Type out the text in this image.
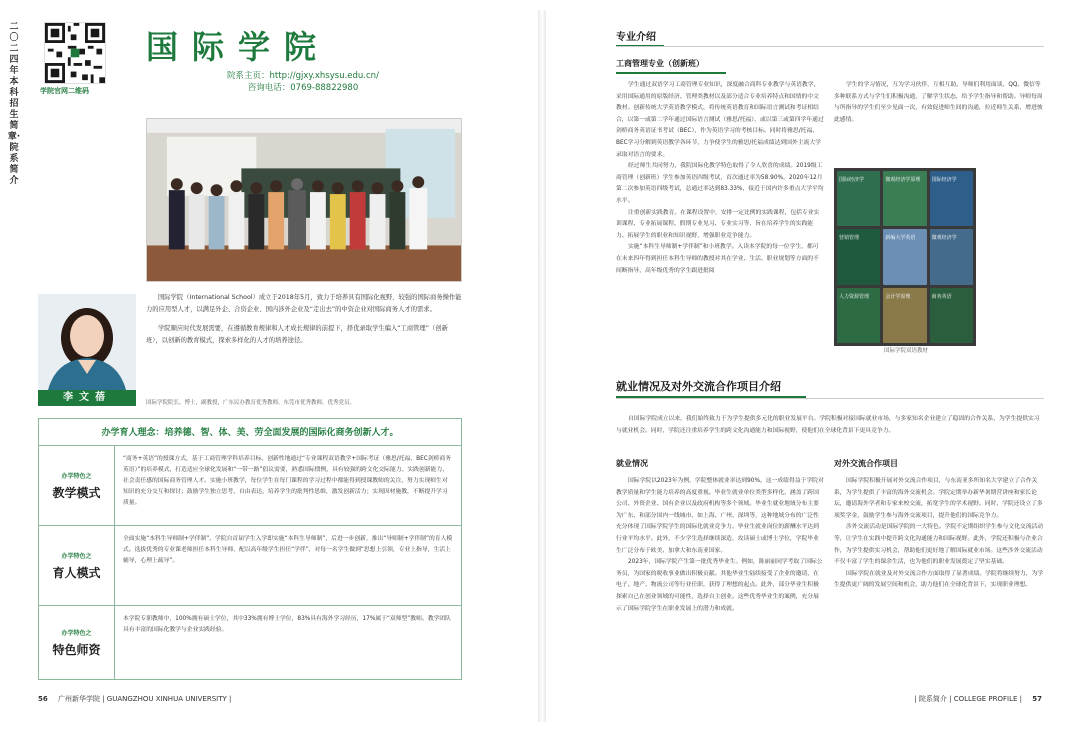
二〇二四年本科招生简章·院系简介
学院官网二维码
国际学院
院系主页：http://gjxy.xhsysu.edu.cn/
咨询电话：0769-88822980
李文蓓

国际学院（International School）成立于2018年5月，致力于培养具有国际化视野、较强的国际商务操作能力的应用型人才，以满足外企、合资企业、国内涉外企业及“走出去”的中资企业对国际商务人才的需求。

学院顺应时代发展需要，在遵循教育规律和人才成长规律的前提下，择优录取学生编入“工商管理”（创新班），以创新的教育模式，探索多样化的人才的培养途径。

国际学院院长，博士，副教授，广东民办教育优秀教师，东莞市优秀教师，优秀党员。
办学育人理念：培养德、智、体、美、劳全面发展的国际化商务创新人才。
办学特色之
教学模式
“商务+英语”的授课方式，基于工商管理学科培养目标，创新性地通过“专业课程双语教学+国际考证（雅思/托福、BEC剑桥商务英语）”的培养模式，打造适应全球化发展和“一带一路”倡议需要，熟悉国际惯例，具有较强的跨文化交际能力、实践创新能力、社会责任感的国际商务管理人才。实施小班教学，每位学生在每门课程的学习过程中都能得到授课教师的关注，努力实现师生对知识的充分交互和探讨；鼓励学生独立思考、自由表达，培养学生的批判性思维，激发创新活力；实现因材施教，不断提升学习质量。
办学特色之
育人模式
全面实施“本科生导师制+学伴制”，学院自首届学生入学即实施“本科生导师制”，后进一步创新，推出“导师制+学伴制”的育人模式。选拔优秀的专业课老师担任本科生导师，配以高年级学生担任“学伴”，对每一名学生做到“思想上引领，专业上指导，生活上辅导，心理上疏导”。
办学特色之
特色师资
本学院专职教师中，100%拥有硕士学位，其中33%拥有博士学位，83%具有海外学习经历，17%属于“双师型”教师。教学团队具有丰富的国际化教学与企业实践经验。
56 广州新华学院 | GUANGZHOU XINHUA UNIVERSITY |
专业介绍
工商管理专业（创新班）

学生通过双语学习工商管理专业知识，深度融合商科专业教学与英语教学，采用国际通用的原版经济、管理类教材以及部分适合专业培养特点和国情的中文教材。创新传统大学英语教学模式，将传统英语教育和国际语言测试和考证相结合，以第一或第二学年通过国际语言测试（雅思/托福），或以第三或第四学年通过剑桥商务英语证书考试（BEC），作为英语学习的考核目标。同时将雅思/托福、BEC学习分解到英语教学各环节，力争使学生的雅思/托福成绩达到国外主流大学录取对语言的要求。

经过师生共同努力，我院国际化教学特色取得了令人欣喜的成绩。2019级工商管理（创新班）学生参加英语四级考试，首次通过率为58.90%，2020年12月第二次参加英语四级考试，总通过率达到83.33%，接近于国内许多重点大学平均水平。

注重创新实践教育。在课程设置中，安排一定比例的实践课程，包括专业实训课程、专业拓展课程、假期专业见习、专业实习等，旨在培养学生的实践能力、拓展学生的职业和知识视野，增强职业竞争能力。

实施“本科生导师制+学伴制”和小班教学。入读本学院的每一位学生，都可在未来四年得到担任本科生导师的教授对其在学业、生活、职业规划等方面的不间断指导，高年级优秀的学生跟进批阅

学生的学习情况，互为学习伙伴，互相互助。导师们利用面谈、QQ、微信等多种联系方式与学生们积极沟通，了解学生状态，给予学生指导和帮助。导师每周与所指导的学生们至少见面一次，有效促进师生间的沟通，拉近师生关系，增进彼此感情。

国际经济学	微观经济学原理	国际经济学
营销管理	新编大学英语	微观经济学
人力资源管理	会计学原理	商务英语
国际学院双语教材
就业情况及对外交流合作项目介绍

自国际学院成立以来，我们始终致力于为学生提供多元化的职业发展平台。学院积极对接国际就业市场，与多家知名企业建立了稳固的合作关系，为学生提供实习与就业机会。同时，学院还注重培养学生的跨文化沟通能力和国际视野，使他们在全球化背景下更具竞争力。

就业情况

国际学院以2023年为例，学院整体就业率达到90%，这一成绩得益于学院对教学质量和学生能力培养的高度重视。毕业生就业单位类型多样化，涵盖了跨国公司、外资企业、国有企业以及政府机构等多个领域。毕业生就业地域分布主要为广东，和部分国内一线城市，如上海、广州、深圳等，这种地域分布的广泛性充分体现了国际学院学生的国际化就业竞争力。毕业生就业岗位的薪酬水平达到行业平均水平。此外，不少学生选择继续深造，攻读硕士或博士学位，学院毕业生广泛分布于欧美、加拿大和东南亚国家。

2023年，国际学院产生第一批优秀毕业生。例如，陈丽丽同学考取了国际公务员，为国家的税收事业做出积极贡献。其他毕业生陆续接受了企业的邀请，在电子、地产、物流公司等行业任职，获得了理想的起点。此外，部分毕业生积极探索自己在创业领域的可能性，选择自主创业。这些优秀毕业生的案例，充分展示了国际学院学生在职业发展上的潜力和成就。

对外交流合作项目

国际学院积极开展对外交流合作项目，与东南亚多所知名大学建立了合作关系，为学生提供了丰富的海外交流机会。学院定期举办新华暑期营讲座和家长论坛，邀请海外学者和专家来校交流，拓宽学生的学术视野。同时，学院还设立了多项奖学金，鼓励学生参与海外交流项目，提升他们的国际竞争力。

涉外交流活动是国际学院的一大特色。学院不定期组织学生参与文化交流活动等，让学生在实践中提升跨文化沟通能力和国际视野。此外，学院还积极与企业合作，为学生提供实习机会，帮助他们更好地了解国际就业市场。这些涉外交流活动不仅丰富了学生的课余生活，也为他们的职业发展奠定了坚实基础。

国际学院在就业及对外交流合作方面取得了显著成绩。学院将继续努力，为学生提供更广阔的发展空间和机会，助力他们在全球化背景下，实现职业理想。

| 院系简介 | COLLEGE PROFILE | 57
